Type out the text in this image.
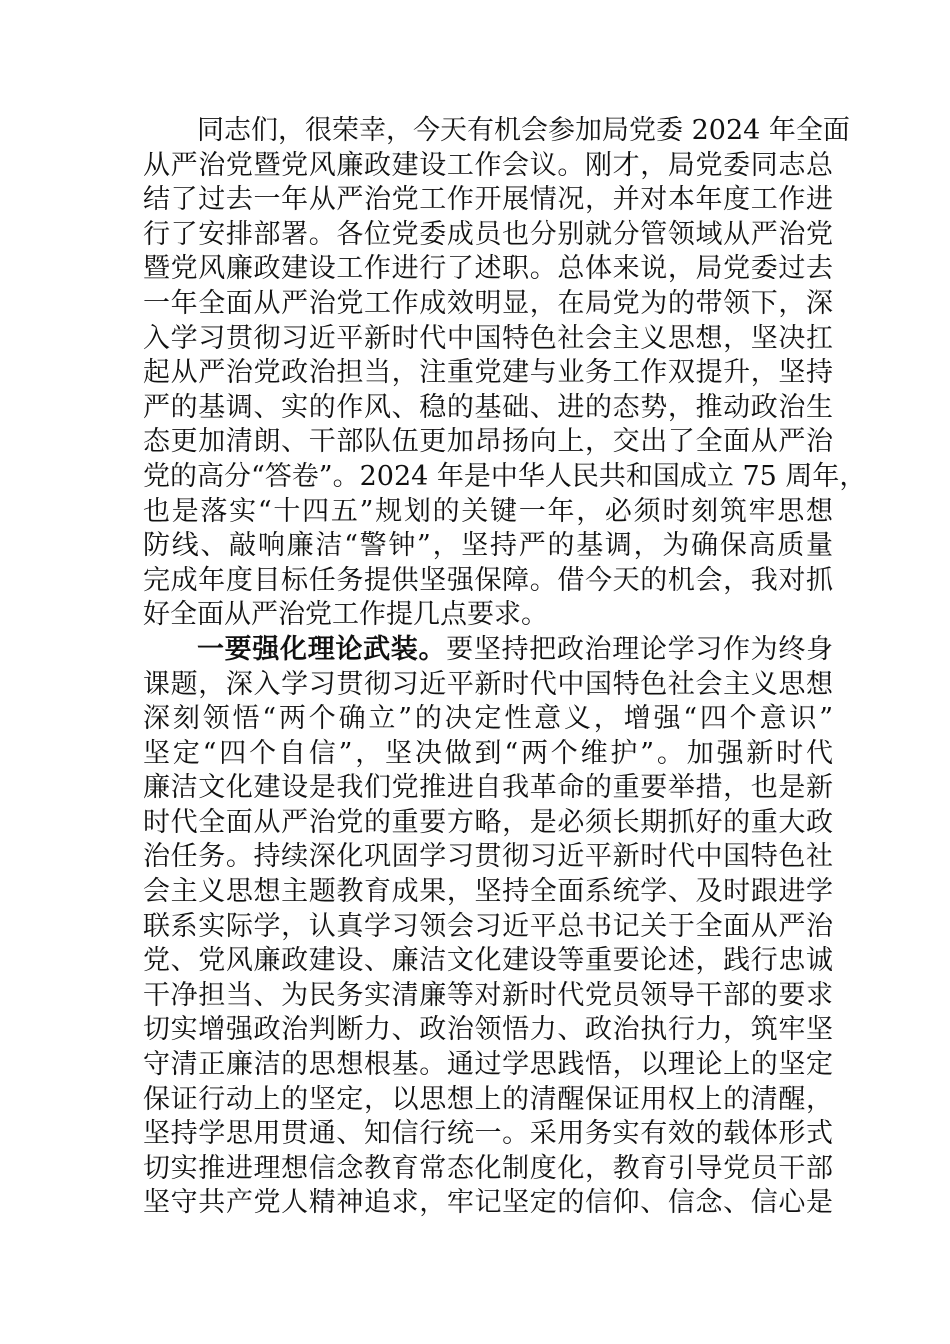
同志们，很荣幸，今天有机会参加局党委 2024 年全面
从严治党暨党风廉政建设工作会议。刚才，局党委同志总
结了过去一年从严治党工作开展情况，并对本年度工作进
行了安排部署。各位党委成员也分别就分管领域从严治党
暨党风廉政建设工作进行了述职。总体来说，局党委过去
一年全面从严治党工作成效明显，在局党为的带领下，深
入学习贯彻习近平新时代中国特色社会主义思想，坚决扛
起从严治党政治担当，注重党建与业务工作双提升，坚持
严的基调、实的作风、稳的基础、进的态势，推动政治生
态更加清朗、干部队伍更加昂扬向上，交出了全面从严治
党的高分“答卷”。2024 年是中华人民共和国成立 75 周年，
也是落实“十四五”规划的关键一年，必须时刻筑牢思想
防线、敲响廉洁“警钟”，坚持严的基调，为确保高质量
完成年度目标任务提供坚强保障。借今天的机会，我对抓
好全面从严治党工作提几点要求。
一要强化理论武装。要坚持把政治理论学习作为终身
课题，深入学习贯彻习近平新时代中国特色社会主义思想
深刻领悟“两个确立”的决定性意义，增强“四个意识”
坚定“四个自信”，坚决做到“两个维护”。加强新时代
廉洁文化建设是我们党推进自我革命的重要举措，也是新
时代全面从严治党的重要方略，是必须长期抓好的重大政
治任务。持续深化巩固学习贯彻习近平新时代中国特色社
会主义思想主题教育成果，坚持全面系统学、及时跟进学
联系实际学，认真学习领会习近平总书记关于全面从严治
党、党风廉政建设、廉洁文化建设等重要论述，践行忠诚
干净担当、为民务实清廉等对新时代党员领导干部的要求
切实增强政治判断力、政治领悟力、政治执行力，筑牢坚
守清正廉洁的思想根基。通过学思践悟，以理论上的坚定
保证行动上的坚定，以思想上的清醒保证用权上的清醒，
坚持学思用贯通、知信行统一。采用务实有效的载体形式
切实推进理想信念教育常态化制度化，教育引导党员干部
坚守共产党人精神追求，牢记坚定的信仰、信念、信心是
